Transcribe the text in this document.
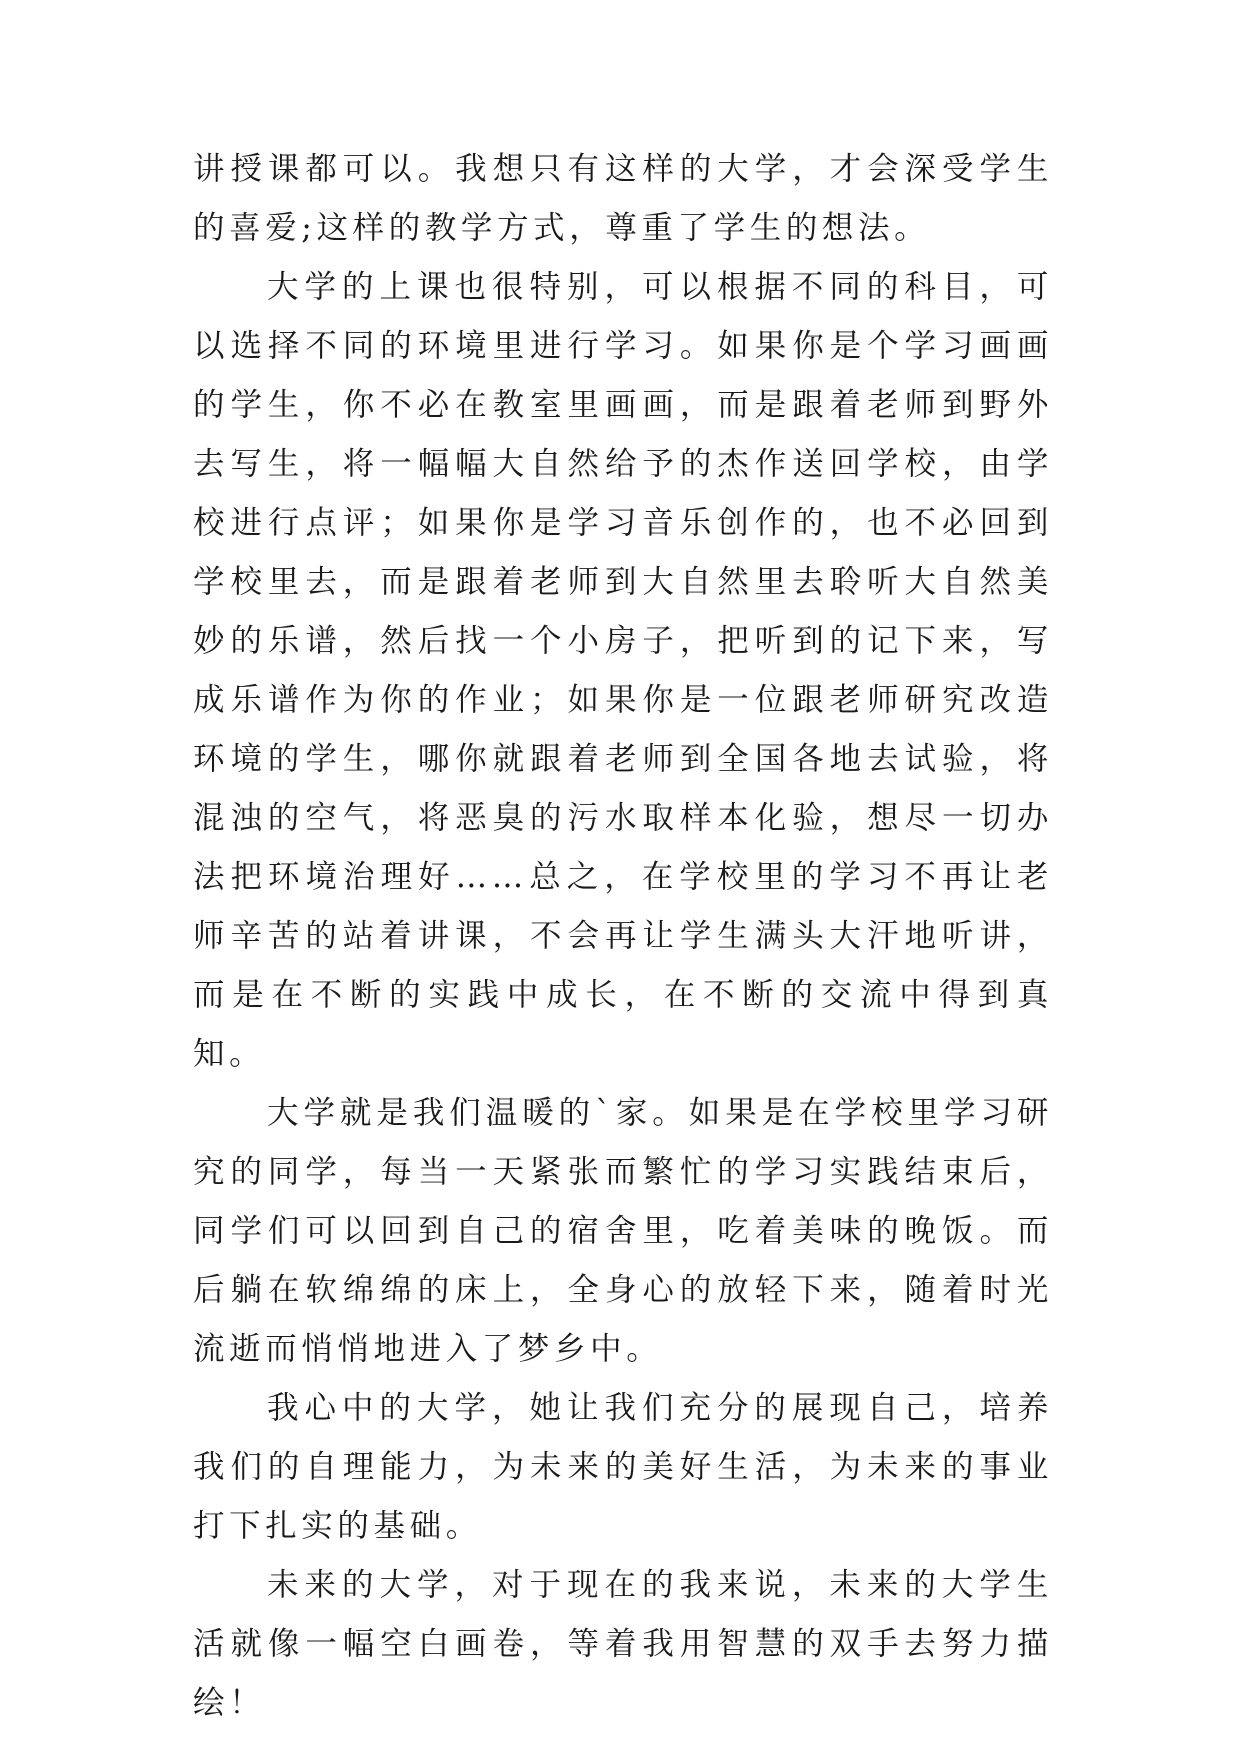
讲授课都可以。我想只有这样的大学，才会深受学生的喜爱;这样的教学方式，尊重了学生的想法。

大学的上课也很特别，可以根据不同的科目，可以选择不同的环境里进行学习。如果你是个学习画画的学生，你不必在教室里画画，而是跟着老师到野外去写生，将一幅幅大自然给予的杰作送回学校，由学校进行点评；如果你是学习音乐创作的，也不必回到学校里去，而是跟着老师到大自然里去聆听大自然美妙的乐谱，然后找一个小房子，把听到的记下来，写成乐谱作为你的作业；如果你是一位跟老师研究改造环境的学生，哪你就跟着老师到全国各地去试验，将混浊的空气，将恶臭的污水取样本化验，想尽一切办法把环境治理好……总之，在学校里的学习不再让老师辛苦的站着讲课，不会再让学生满头大汗地听讲，而是在不断的实践中成长，在不断的交流中得到真知。

大学就是我们温暖的`家。如果是在学校里学习研究的同学，每当一天紧张而繁忙的学习实践结束后，同学们可以回到自己的宿舍里，吃着美味的晚饭。而后躺在软绵绵的床上，全身心的放轻下来，随着时光流逝而悄悄地进入了梦乡中。

我心中的大学，她让我们充分的展现自己，培养我们的自理能力，为未来的美好生活，为未来的事业打下扎实的基础。

未来的大学，对于现在的我来说，未来的大学生活就像一幅空白画卷，等着我用智慧的双手去努力描绘！
